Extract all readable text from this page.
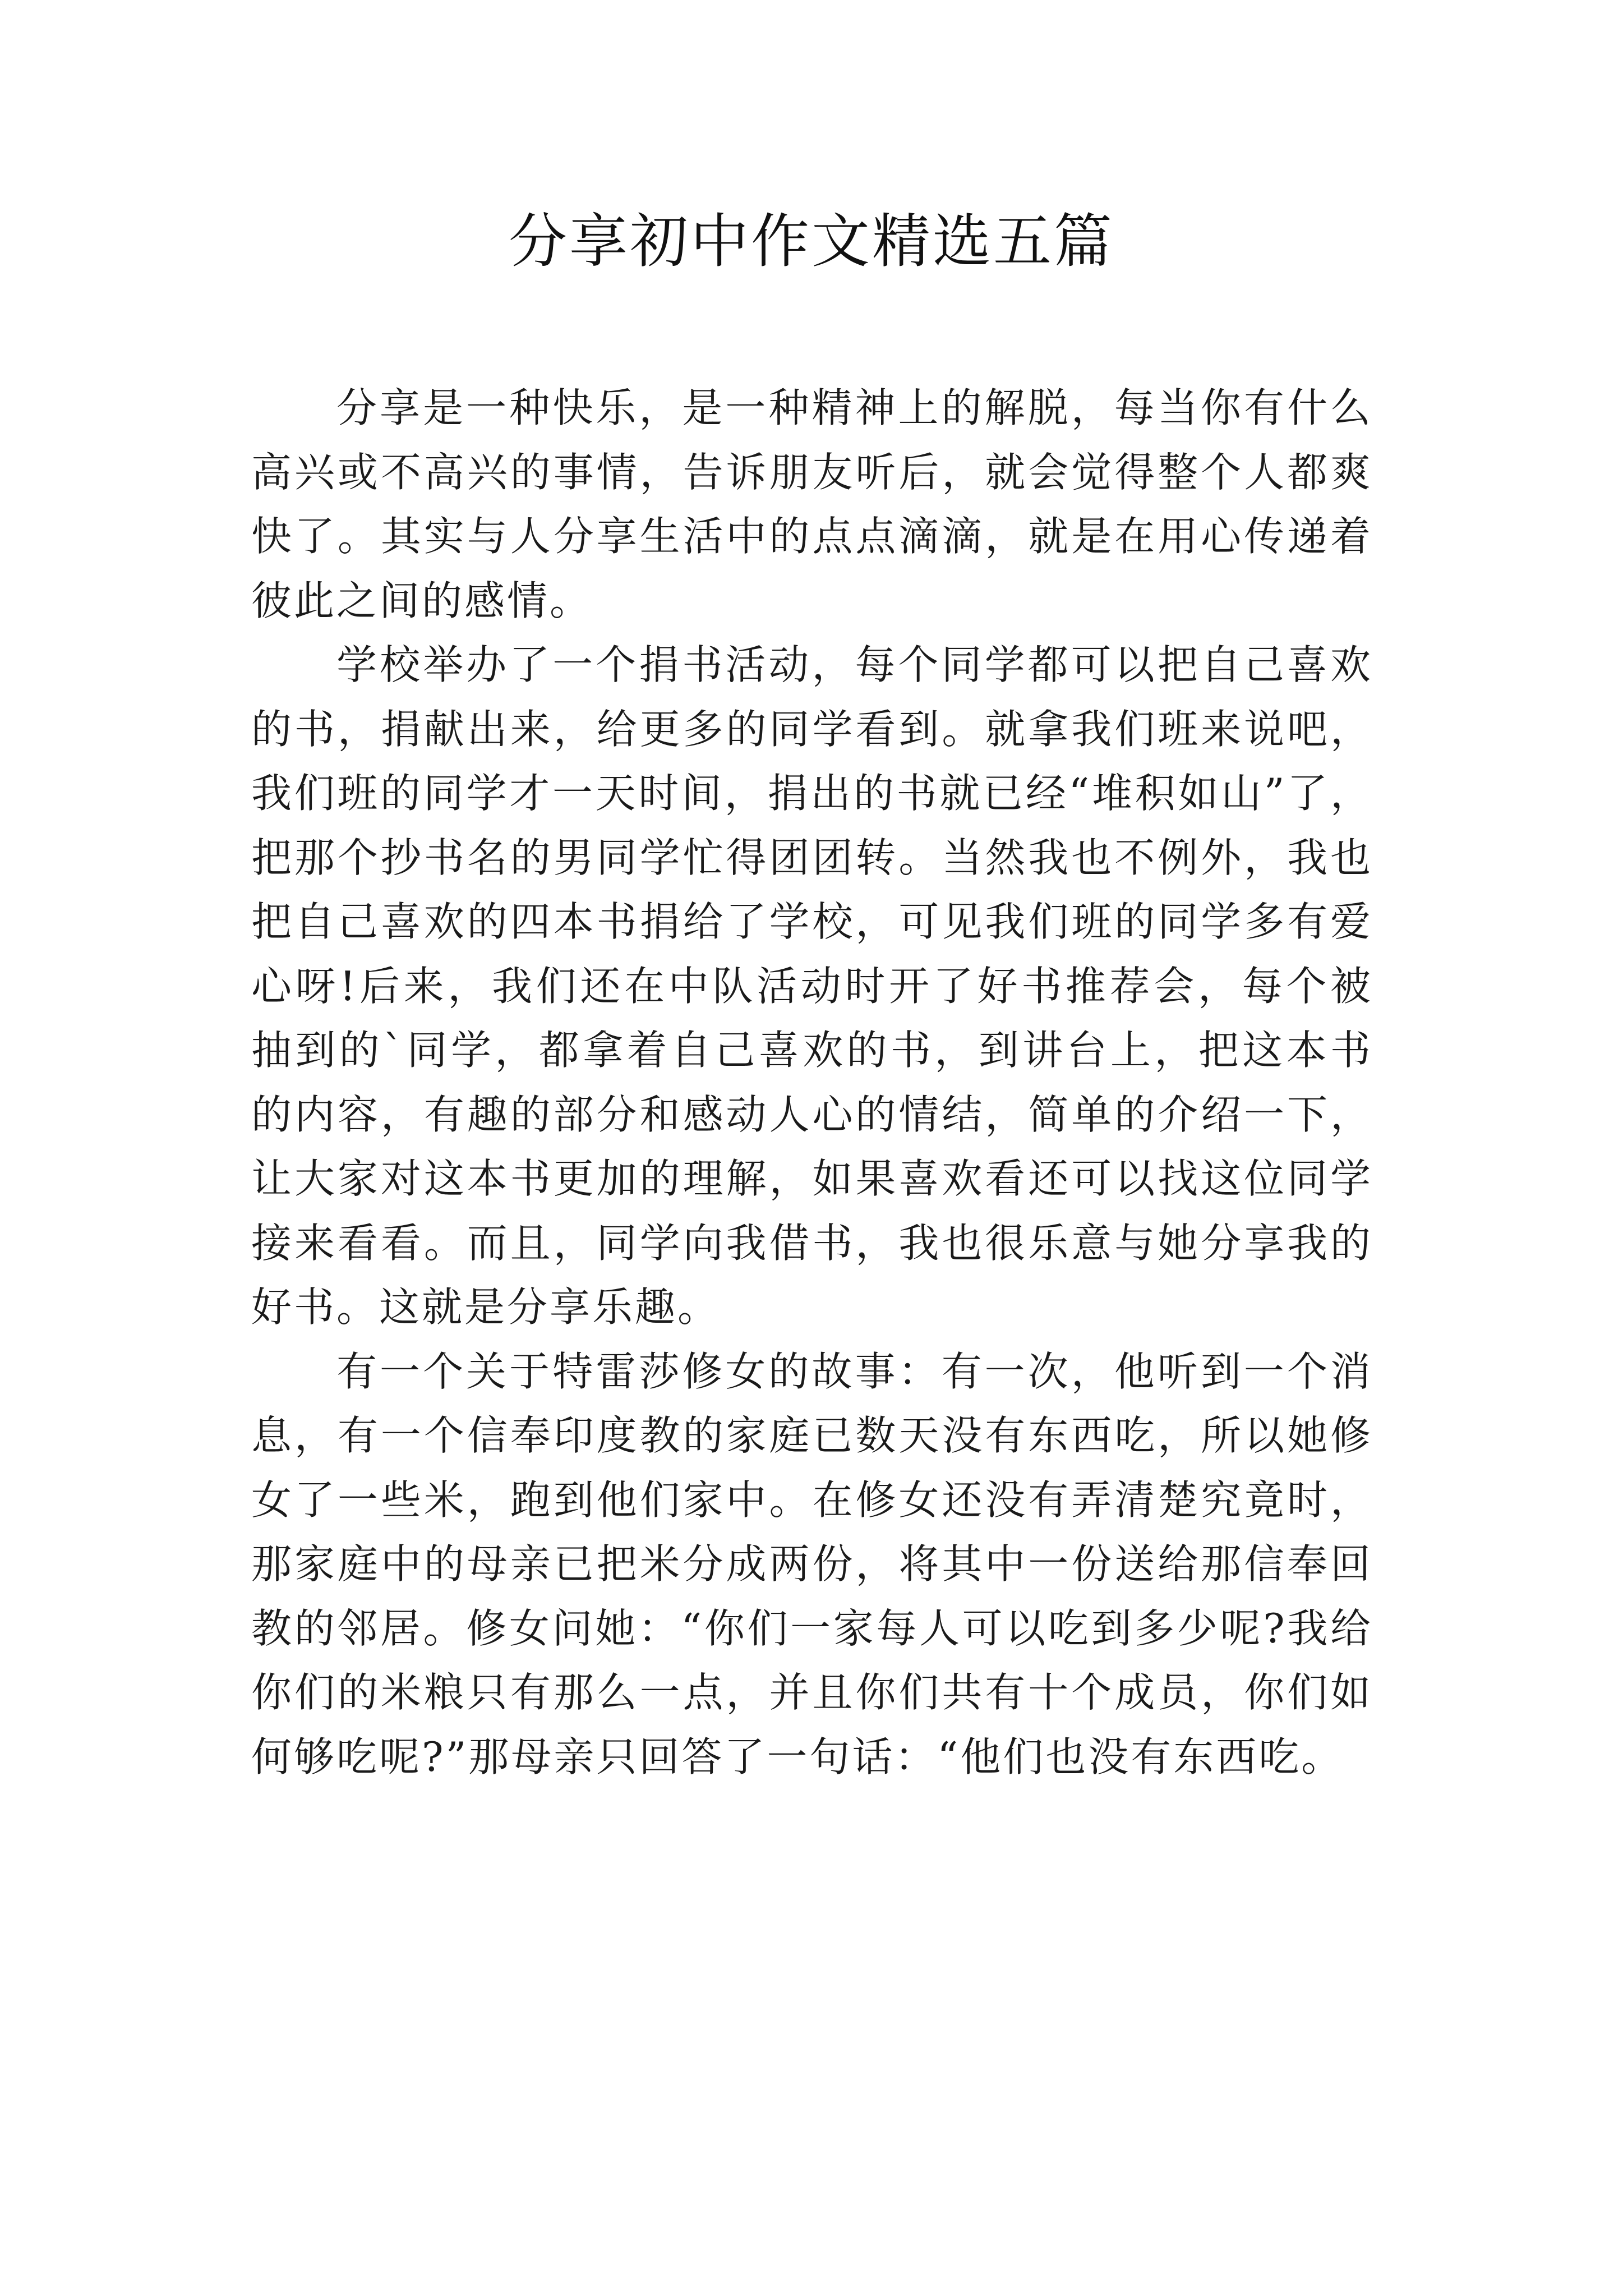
分享初中作文精选五篇

分享是一种快乐，是一种精神上的解脱，每当你有什么高兴或不高兴的事情，告诉朋友听后，就会觉得整个人都爽快了。其实与人分享生活中的点点滴滴，就是在用心传递着彼此之间的感情。

学校举办了一个捐书活动，每个同学都可以把自己喜欢的书，捐献出来，给更多的同学看到。就拿我们班来说吧，我们班的同学才一天时间，捐出的书就已经“堆积如山”了，把那个抄书名的男同学忙得团团转。当然我也不例外，我也把自己喜欢的四本书捐给了学校，可见我们班的同学多有爱心呀!后来，我们还在中队活动时开了好书推荐会，每个被抽到的`同学，都拿着自己喜欢的书，到讲台上，把这本书的内容，有趣的部分和感动人心的情结，简单的介绍一下，让大家对这本书更加的理解，如果喜欢看还可以找这位同学接来看看。而且，同学向我借书，我也很乐意与她分享我的好书。这就是分享乐趣。

有一个关于特雷莎修女的故事：有一次，他听到一个消息，有一个信奉印度教的家庭已数天没有东西吃，所以她修女了一些米，跑到他们家中。在修女还没有弄清楚究竟时，那家庭中的母亲已把米分成两份，将其中一份送给那信奉回教的邻居。修女问她：“你们一家每人可以吃到多少呢?我给你们的米粮只有那么一点，并且你们共有十个成员，你们如何够吃呢?”那母亲只回答了一句话：“他们也没有东西吃。
